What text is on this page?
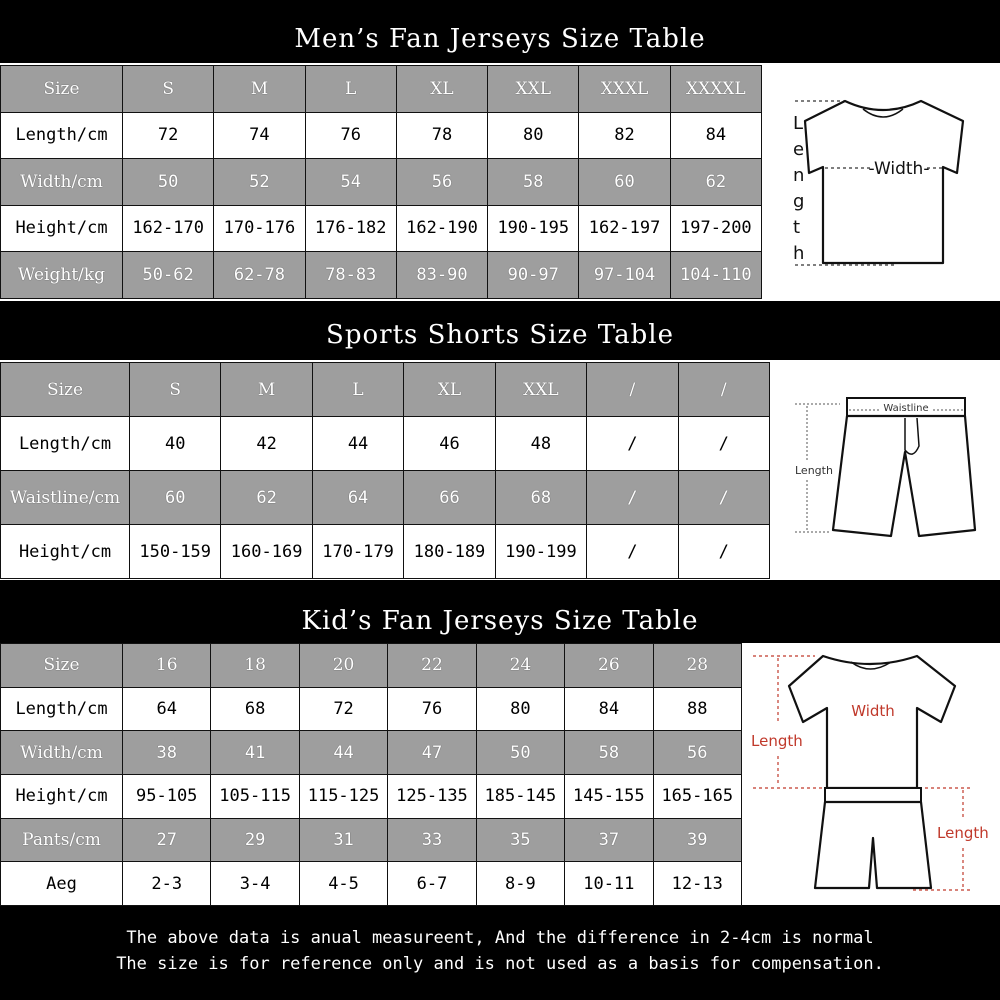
Men’s Fan Jerseys Size Table
Size	S	M	L	XL	XXL	XXXL	XXXXL
Length/cm	72	74	76	78	80	82	84
Width/cm	50	52	54	56	58	60	62
Height/cm	162-170	170-176	176-182	162-190	190-195	162-197	197-200
Weight/kg	50-62	62-78	78-83	83-90	90-97	97-104	104-110
-Width-
L
e
n
g
t
h
Sports Shorts Size Table
Size	S	M	L	XL	XXL	/	/
Length/cm	40	42	44	46	48	/	/
Waistline/cm	60	62	64	66	68	/	/
Height/cm	150-159	160-169	170-179	180-189	190-199	/	/
Length
Waistline
Kid’s Fan Jerseys Size Table
Size	16	18	20	22	24	26	28
Length/cm	64	68	72	76	80	84	88
Width/cm	38	41	44	47	50	58	56
Height/cm	95-105	105-115	115-125	125-135	185-145	145-155	165-165
Pants/cm	27	29	31	33	35	37	39
Aeg	2-3	3-4	4-5	6-7	8-9	10-11	12-13
Width
Length
Length
The above data is anual measureent, And the difference in 2-4cm is normal
The size is for reference only and is not used as a basis for compensation.
